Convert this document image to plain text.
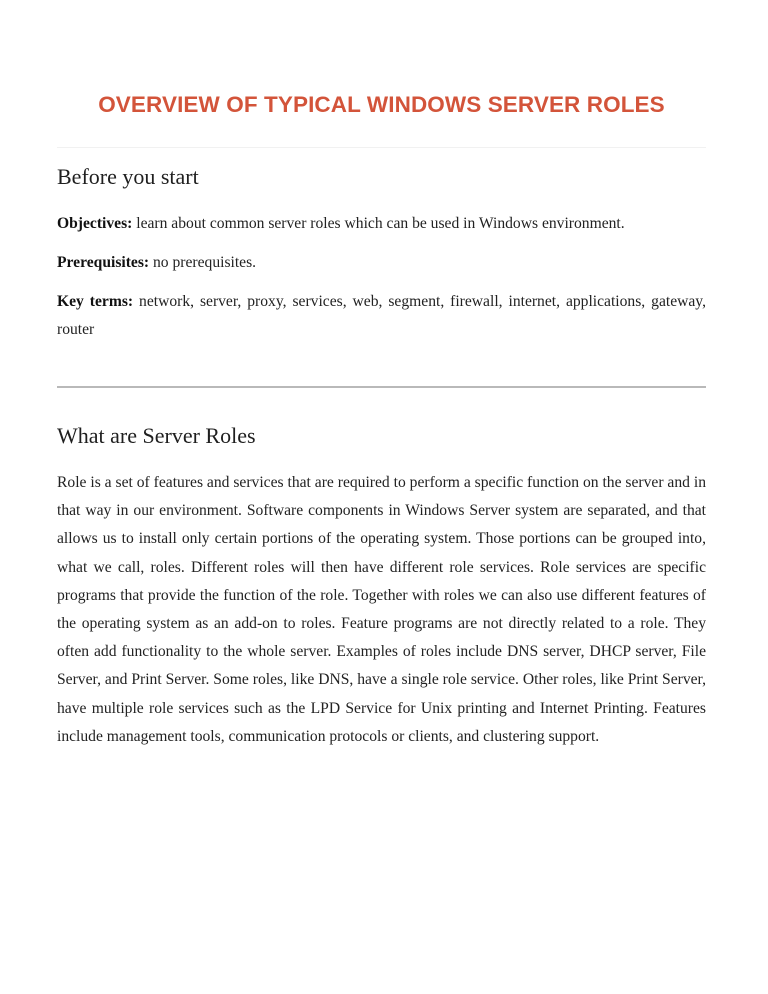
OVERVIEW OF TYPICAL WINDOWS SERVER ROLES
Before you start

Objectives: learn about common server roles which can be used in Windows environment.

Prerequisites: no prerequisites.

Key terms: network, server, proxy, services, web, segment, firewall, internet, applications, gateway, router

What are Server Roles

Role is a set of features and services that are required to perform a specific function on the server and in that way in our environment. Software components in Windows Server system are separated, and that allows us to install only certain portions of the operating system. Those portions can be grouped into, what we call, roles. Different roles will then have different role services. Role services are specific programs that provide the function of the role. Together with roles we can also use different features of the operating system as an add-on to roles. Feature programs are not directly related to a role. They often add functionality to the whole server. Examples of roles include DNS server, DHCP server, File Server, and Print Server. Some roles, like DNS, have a single role service. Other roles, like Print Server, have multiple role services such as the LPD Service for Unix printing and Internet Printing. Features include management tools, communication protocols or clients, and clustering support.
